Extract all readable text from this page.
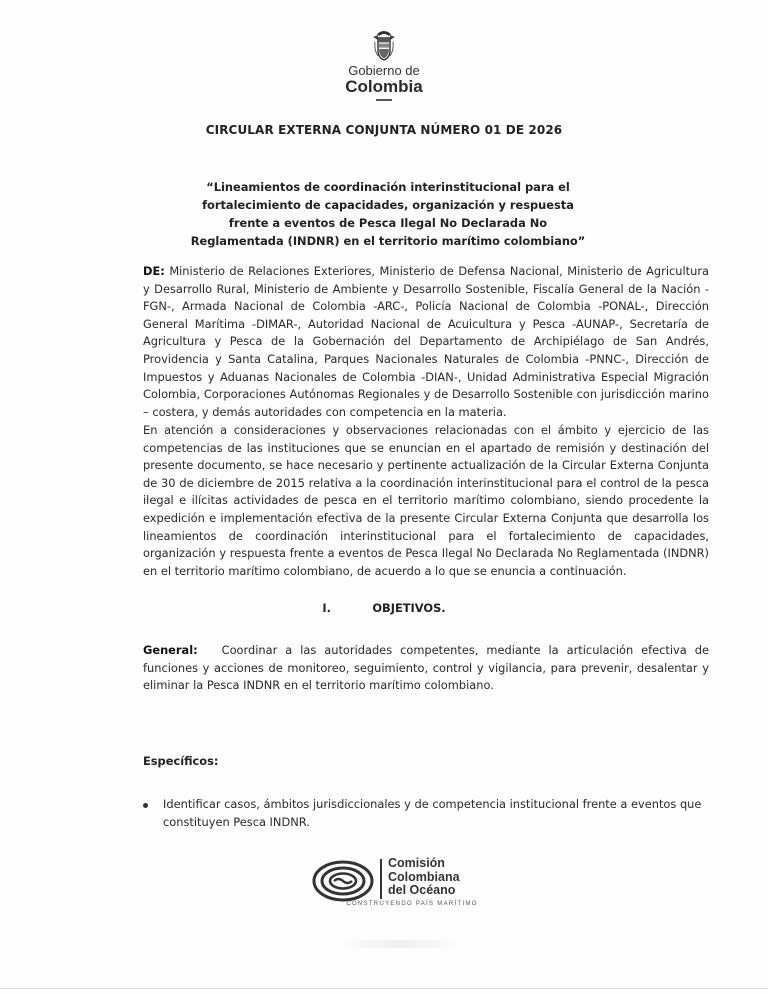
Gobierno de
Colombia
CIRCULAR EXTERNA CONJUNTA NÚMERO 01 DE 2026
“Lineamientos de coordinación interinstitucional para el fortalecimiento de capacidades, organización y respuesta frente a eventos de Pesca Ilegal No Declarada No Reglamentada (INDNR) en el territorio marítimo colombiano”

DE: Ministerio de Relaciones Exteriores, Ministerio de Defensa Nacional, Ministerio de Agricultura y Desarrollo Rural, Ministerio de Ambiente y Desarrollo Sostenible, Fiscalía General de la Nación -FGN-, Armada Nacional de Colombia -ARC-, Policía Nacional de Colombia -PONAL-, Dirección General Marítima -DIMAR-, Autoridad Nacional de Acuicultura y Pesca -AUNAP-, Secretaría de Agricultura y Pesca de la Gobernación del Departamento de Archipiélago de San Andrés, Providencia y Santa Catalina, Parques Nacionales Naturales de Colombia -PNNC-, Dirección de Impuestos y Aduanas Nacionales de Colombia -DIAN-, Unidad Administrativa Especial Migración Colombia, Corporaciones Autónomas Regionales y de Desarrollo Sostenible con jurisdicción marino – costera, y demás autoridades con competencia en la materia.

En atención a consideraciones y observaciones relacionadas con el ámbito y ejercicio de las competencias de las instituciones que se enuncian en el apartado de remisión y destinación del presente documento, se hace necesario y pertinente actualización de la Circular Externa Conjunta de 30 de diciembre de 2015 relativa a la coordinación interinstitucional para el control de la pesca ilegal e ilícitas actividades de pesca en el territorio marítimo colombiano, siendo procedente la expedición e implementación efectiva de la presente Circular Externa Conjunta que desarrolla los lineamientos de coordinación interinstitucional para el fortalecimiento de capacidades, organización y respuesta frente a eventos de Pesca Ilegal No Declarada No Reglamentada (INDNR) en el territorio marítimo colombiano, de acuerdo a lo que se enuncia a continuación.

I.	OBJETIVOS.

General: Coordinar a las autoridades competentes, mediante la articulación efectiva de funciones y acciones de monitoreo, seguimiento, control y vigilancia, para prevenir, desalentar y eliminar la Pesca INDNR en el territorio marítimo colombiano.

Específicos:
Identificar casos, ámbitos jurisdiccionales y de competencia institucional frente a eventos que constituyen Pesca INDNR.
Comisión
Colombiana
del Océano
CONSTRUYENDO PAÍS MARÍTIMO
